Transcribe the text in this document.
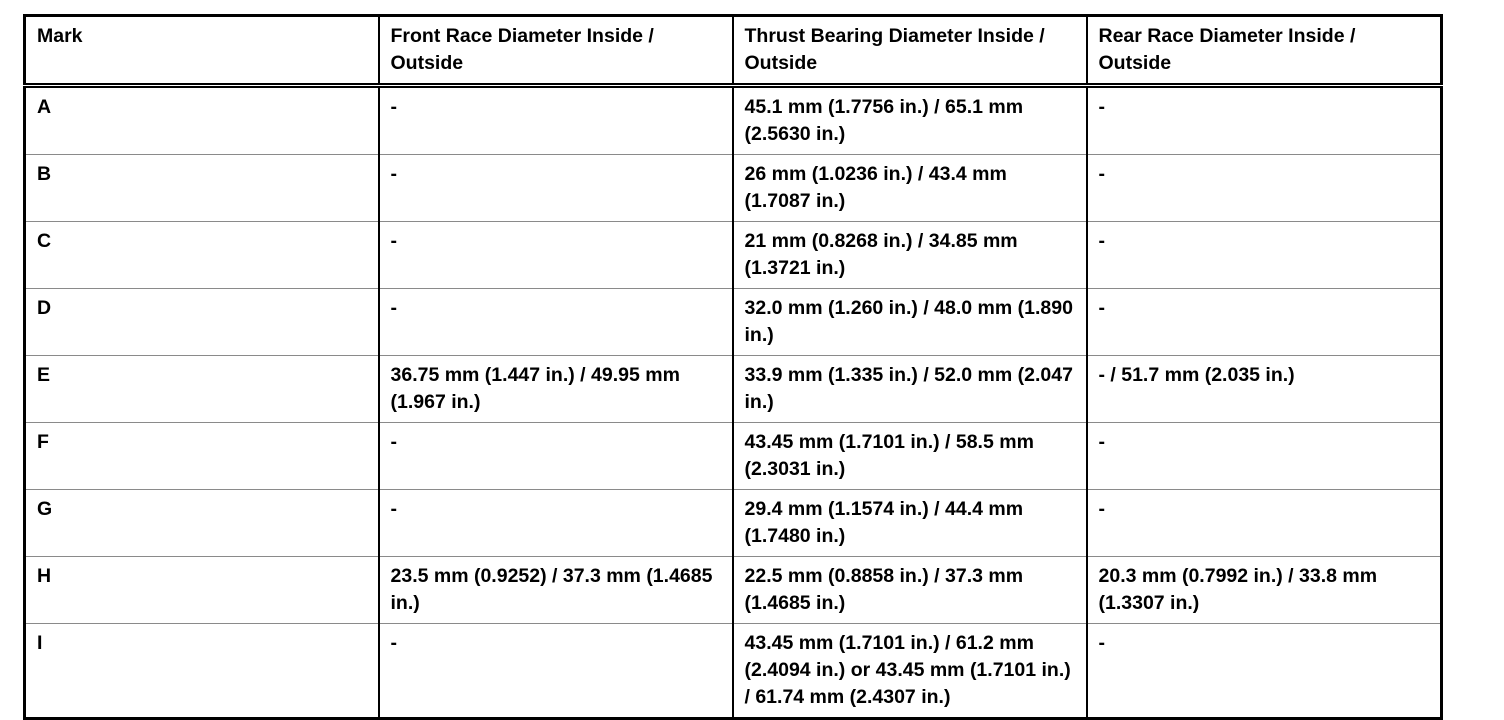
Mark	Front Race Diameter Inside / Outside	Thrust Bearing Diameter Inside / Outside	Rear Race Diameter Inside / Outside
A	-	45.1 mm (1.7756 in.) / 65.1 mm (2.5630 in.)	-
B	-	26 mm (1.0236 in.) / 43.4 mm (1.7087 in.)	-
C	-	21 mm (0.8268 in.) / 34.85 mm (1.3721 in.)	-
D	-	32.0 mm (1.260 in.) / 48.0 mm (1.890 in.)	-
E	36.75 mm (1.447 in.) / 49.95 mm (1.967 in.)	33.9 mm (1.335 in.) / 52.0 mm (2.047 in.)	- / 51.7 mm (2.035 in.)
F	-	43.45 mm (1.7101 in.) / 58.5 mm (2.3031 in.)	-
G	-	29.4 mm (1.1574 in.) / 44.4 mm (1.7480 in.)	-
H	23.5 mm (0.9252) / 37.3 mm (1.4685 in.)	22.5 mm (0.8858 in.) / 37.3 mm (1.4685 in.)	20.3 mm (0.7992 in.) / 33.8 mm (1.3307 in.)
I	-	43.45 mm (1.7101 in.) / 61.2 mm (2.4094 in.) or 43.45 mm (1.7101 in.) / 61.74 mm (2.4307 in.)	-
